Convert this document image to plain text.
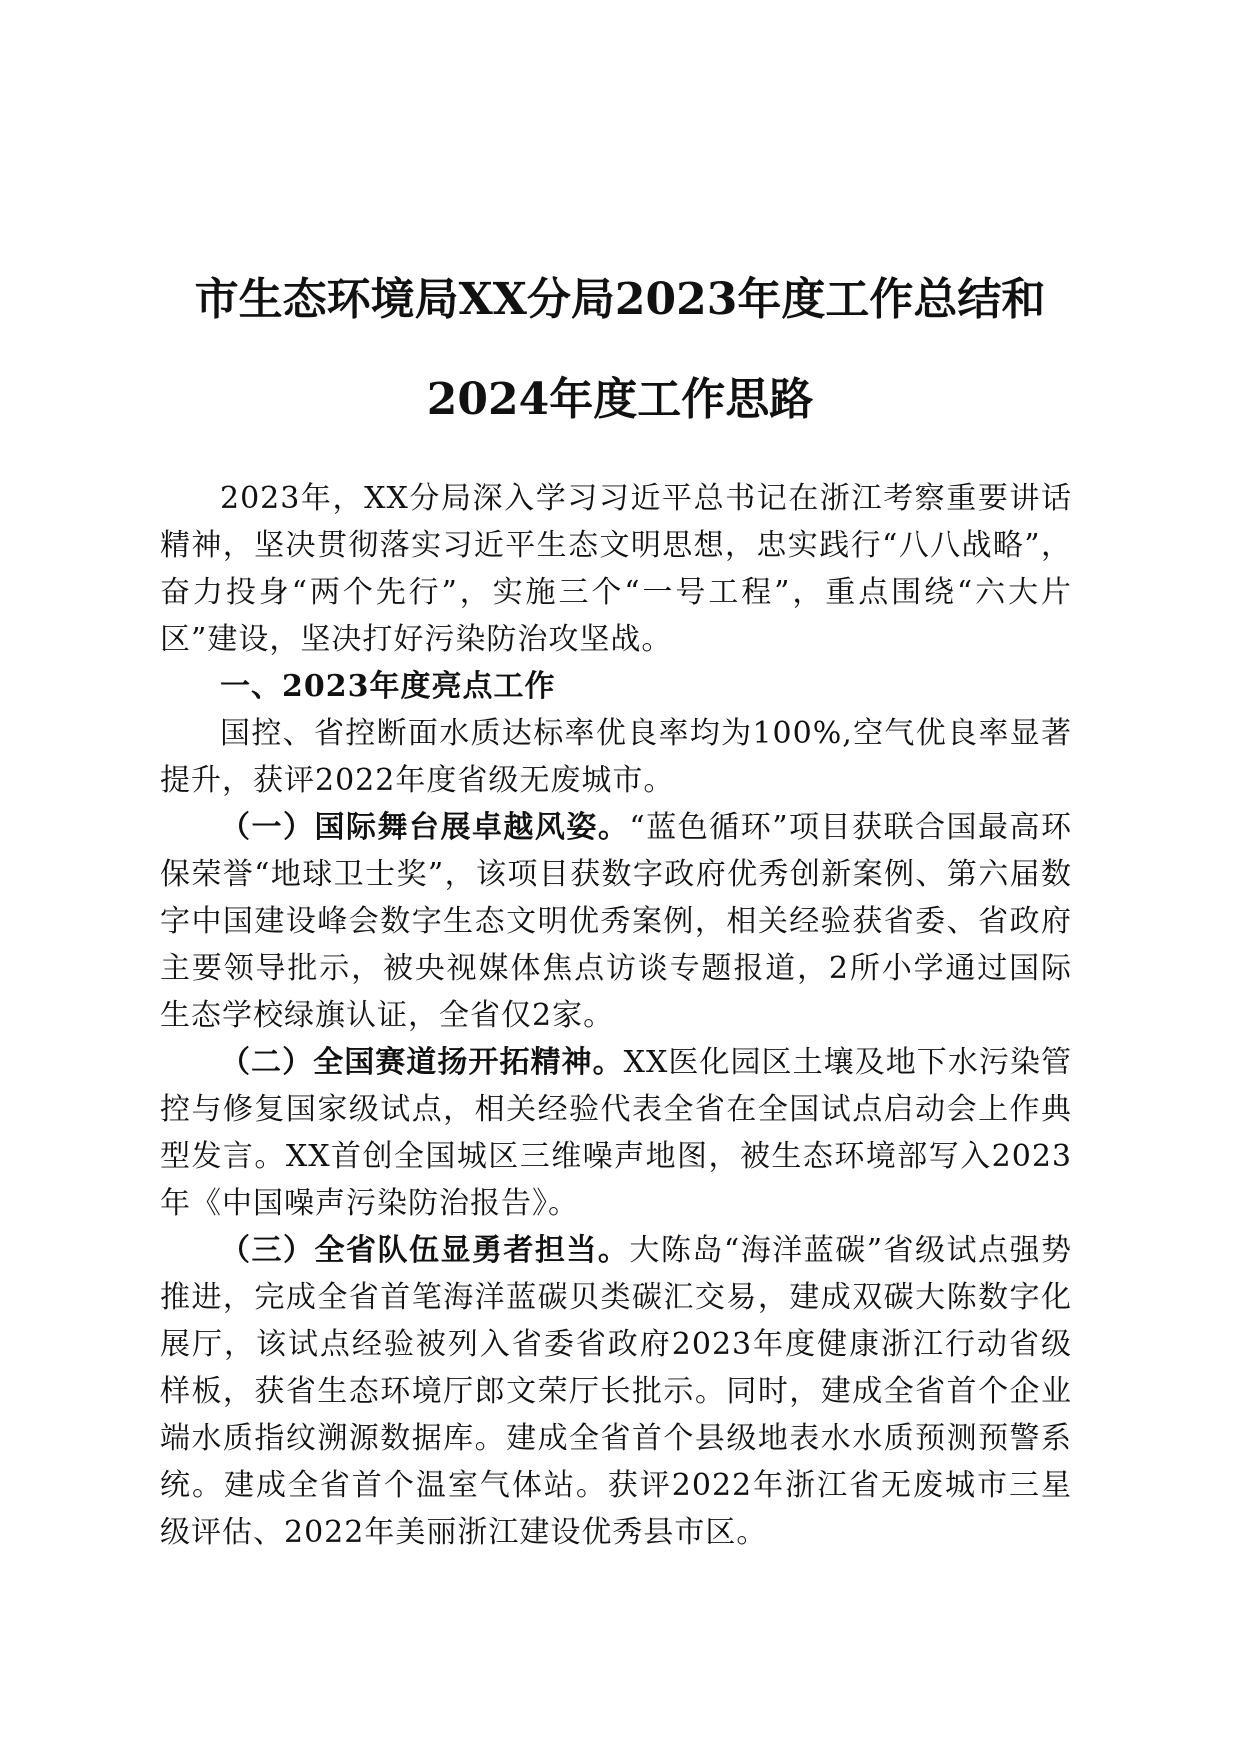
市生态环境局XX分局2023年度工作总结和

2024年度工作思路

2023年，XX分局深入学习习近平总书记在浙江考察重要讲话精神，坚决贯彻落实习近平生态文明思想，忠实践行“八八战略”，奋力投身“两个先行”，实施三个“一号工程”，重点围绕“六大片区”建设，坚决打好污染防治攻坚战。

一、2023年度亮点工作

国控、省控断面水质达标率优良率均为100%,空气优良率显著提升，获评2022年度省级无废城市。

（一）国际舞台展卓越风姿。“蓝色循环”项目获联合国最高环保荣誉“地球卫士奖”，该项目获数字政府优秀创新案例、第六届数字中国建设峰会数字生态文明优秀案例，相关经验获省委、省政府主要领导批示，被央视媒体焦点访谈专题报道，2所小学通过国际生态学校绿旗认证，全省仅2家。

（二）全国赛道扬开拓精神。XX医化园区土壤及地下水污染管控与修复国家级试点，相关经验代表全省在全国试点启动会上作典型发言。XX首创全国城区三维噪声地图，被生态环境部写入2023年《中国噪声污染防治报告》。

（三）全省队伍显勇者担当。大陈岛“海洋蓝碳”省级试点强势推进，完成全省首笔海洋蓝碳贝类碳汇交易，建成双碳大陈数字化展厅，该试点经验被列入省委省政府2023年度健康浙江行动省级样板，获省生态环境厅郎文荣厅长批示。同时，建成全省首个企业端水质指纹溯源数据库。建成全省首个县级地表水水质预测预警系统。建成全省首个温室气体站。获评2022年浙江省无废城市三星级评估、2022年美丽浙江建设优秀县市区。
